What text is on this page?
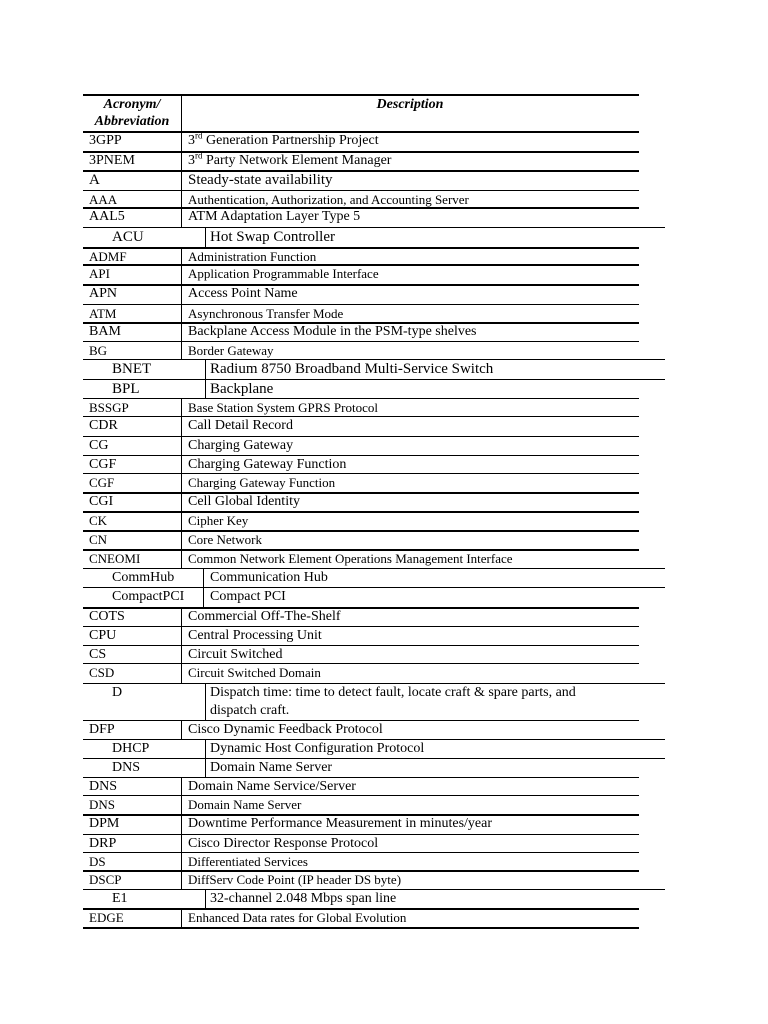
Acronym/
Abbreviation
Description
3GPP	3rd Generation Partnership Project
3PNEM	3rd Party Network Element Manager
A	Steady-state availability
AAA	Authentication, Authorization, and Accounting Server
AAL5	ATM Adaptation Layer Type 5
ACU	Hot Swap Controller
ADMF	Administration Function
API	Application Programmable Interface
APN	Access Point Name
ATM	Asynchronous Transfer Mode
BAM	Backplane Access Module in the PSM-type shelves
BG	Border Gateway
BNET	Radium 8750 Broadband Multi-Service Switch
BPL	Backplane
BSSGP	Base Station System GPRS Protocol
CDR	Call Detail Record
CG	Charging Gateway
CGF	Charging Gateway Function
CGF	Charging Gateway Function
CGI	Cell Global Identity
CK	Cipher Key
CN	Core Network
CNEOMI	Common Network Element Operations Management Interface
CommHub	Communication Hub
CompactPCI Compact PCI
COTS	Commercial Off-The-Shelf
CPU	Central Processing Unit
CS	Circuit Switched
CSD	Circuit Switched Domain
D	Dispatch time: time to detect fault, locate craft & spare parts, and
dispatch craft.
DFP	Cisco Dynamic Feedback Protocol
DHCP	Dynamic Host Configuration Protocol
DNS	Domain Name Server
DNS	Domain Name Service/Server
DNS	Domain Name Server
DPM	Downtime Performance Measurement in minutes/year
DRP	Cisco Director Response Protocol
DS	Differentiated Services
DSCP	DiffServ Code Point (IP header DS byte)
E1	32-channel 2.048 Mbps span line
EDGE	Enhanced Data rates for Global Evolution
